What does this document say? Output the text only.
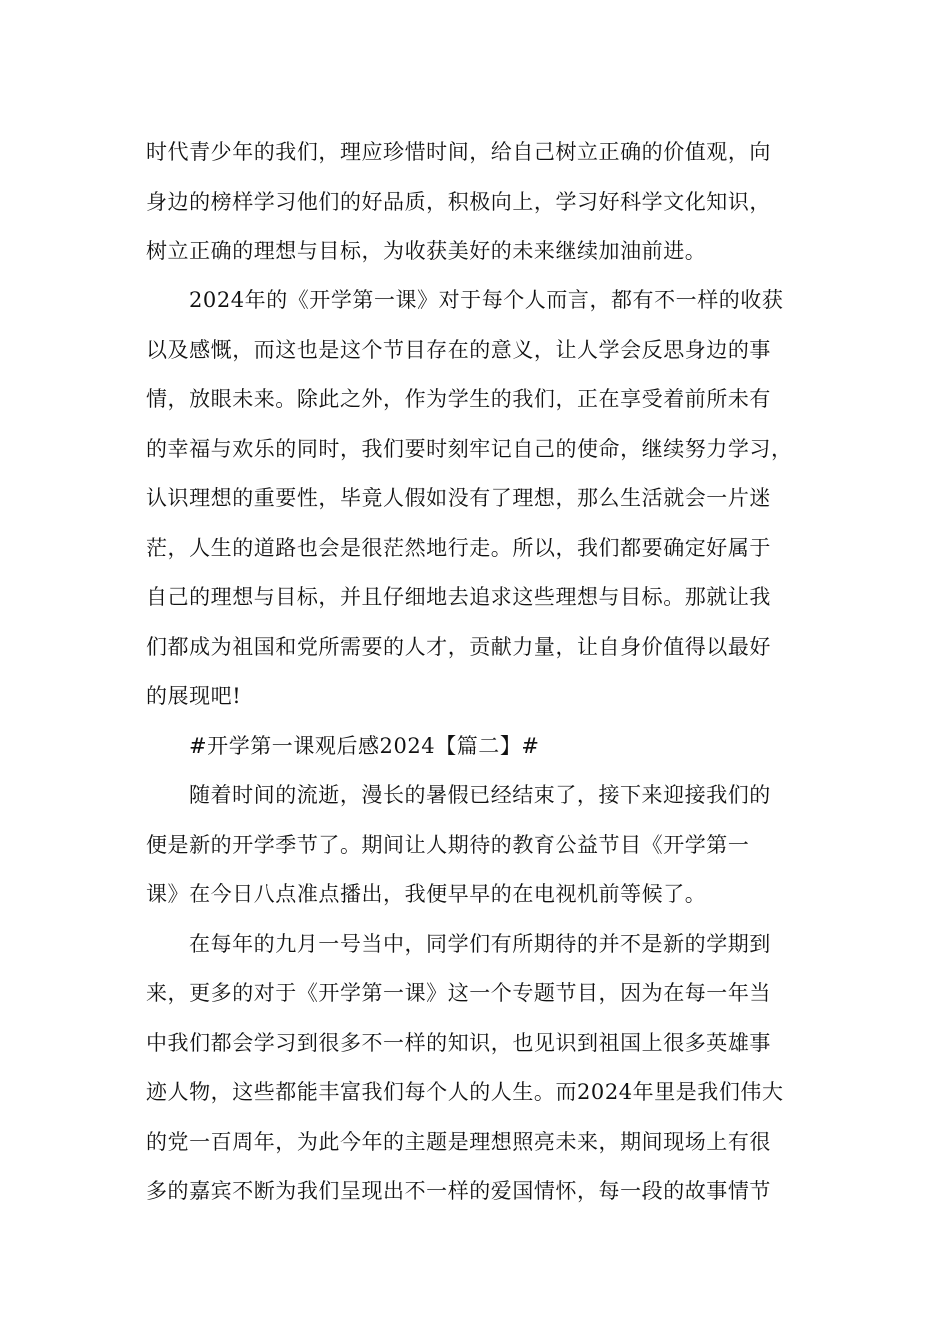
时代青少年的我们，理应珍惜时间，给自己树立正确的价值观，向
身边的榜样学习他们的好品质，积极向上，学习好科学文化知识，
树立正确的理想与目标，为收获美好的未来继续加油前进。
2024年的《开学第一课》对于每个人而言，都有不一样的收获
以及感慨，而这也是这个节目存在的意义，让人学会反思身边的事
情，放眼未来。除此之外，作为学生的我们，正在享受着前所未有
的幸福与欢乐的同时，我们要时刻牢记自己的使命，继续努力学习，
认识理想的重要性，毕竟人假如没有了理想，那么生活就会一片迷
茫，人生的道路也会是很茫然地行走。所以，我们都要确定好属于
自己的理想与目标，并且仔细地去追求这些理想与目标。那就让我
们都成为祖国和党所需要的人才，贡献力量，让自身价值得以最好
的展现吧!
#开学第一课观后感2024【篇二】#
随着时间的流逝，漫长的暑假已经结束了，接下来迎接我们的
便是新的开学季节了。期间让人期待的教育公益节目《开学第一
课》在今日八点准点播出，我便早早的在电视机前等候了。
在每年的九月一号当中，同学们有所期待的并不是新的学期到
来，更多的对于《开学第一课》这一个专题节目，因为在每一年当
中我们都会学习到很多不一样的知识，也见识到祖国上很多英雄事
迹人物，这些都能丰富我们每个人的人生。而2024年里是我们伟大
的党一百周年，为此今年的主题是理想照亮未来，期间现场上有很
多的嘉宾不断为我们呈现出不一样的爱国情怀，每一段的故事情节
